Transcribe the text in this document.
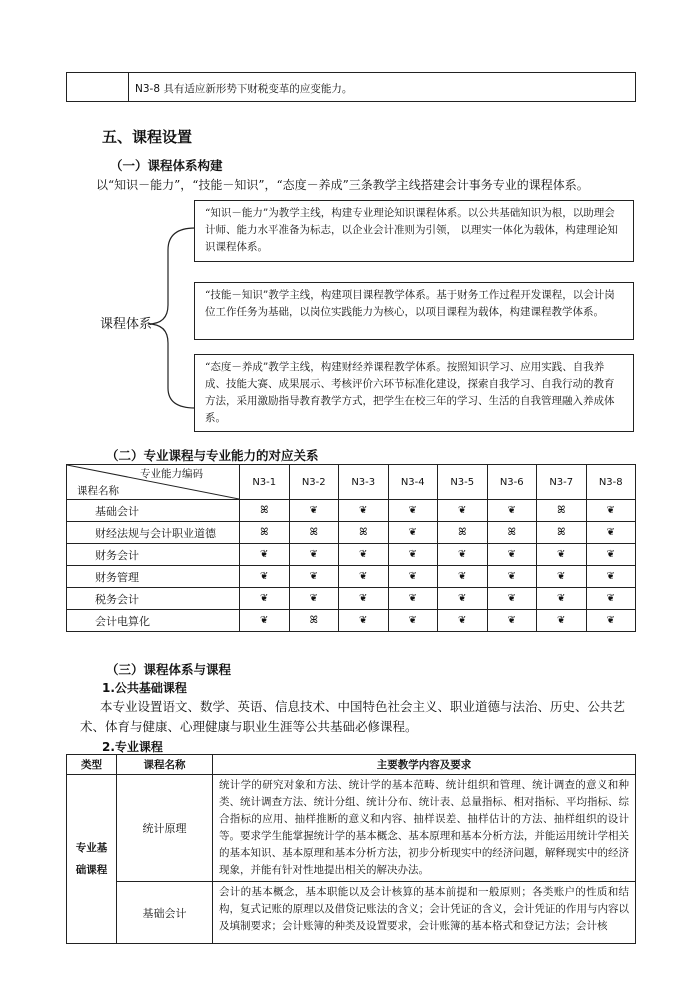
N3-8 具有适应新形势下财税变革的应变能力。
五、课程设置
（一）课程体系构建
以“知识－能力”，“技能－知识”，“态度－养成”三条教学主线搭建会计事务专业的课程体系。
课程体系
“知识－能力”为教学主线，构建专业理论知识课程体系。以公共基础知识为根，以助理会计师、能力水平准备为标志，以企业会计准则为引领， 以理实一体化为载体，构建理论知识课程体系。
“技能－知识”教学主线，构建项目课程教学体系。基于财务工作过程开发课程，以会计岗位工作任务为基础，以岗位实践能力为核心，以项目课程为载体，构建课程教学体系。
“态度－养成”教学主线，构建财经养课程教学体系。按照知识学习、应用实践、自我养成、技能大赛、成果展示、考核评价六环节标准化建设，探索自我学习、自我行动的教育方法，采用激励指导教育教学方式，把学生在校三年的学习、生活的自我管理融入养成体系。
（二）专业课程与专业能力的对应关系
专业能力编码
课程名称	N3-1	N3-2	N3-3	N3-4	N3-5	N3-6	N3-7	N3-8
基础会计	ꕤ	❦	❦	❦	❦	❦	ꕤ	❦
财经法规与会计职业道德	ꕤ	ꕤ	ꕤ	❦	ꕤ	ꕤ	ꕤ	❦
财务会计	❦	❦	❦	❦	❦	❦	❦	❦
财务管理	❦	❦	❦	❦	❦	❦	❦	❦
税务会计	❦	❦	❦	❦	❦	❦	❦	❦
会计电算化	❦	ꕤ	❦	❦	❦	❦	❦	❦
（三）课程体系与课程
1.公共基础课程
本专业设置语文、数学、英语、信息技术、中国特色社会主义、职业道德与法治、历史、公共艺术、体育与健康、心理健康与职业生涯等公共基础必修课程。
2.专业课程
类型	课程名称	主要教学内容及要求

专业基础课程	统计原理	统计学的研究对象和方法、统计学的基本范畴、统计组织和管理、统计调查的意义和种类、统计调查方法、统计分组、统计分布、统计表、总量指标、相对指标、平均指标、综合指标的应用、抽样推断的意义和内容、抽样误差、抽样估计的方法、抽样组织的设计等。要求学生能掌握统计学的基本概念、基本原理和基本分析方法，并能运用统计学相关的基本知识、基本原理和基本分析方法，初步分析现实中的经济问题，解释现实中的经济现象，并能有针对性地提出相关的解决办法。
	基础会计	会计的基本概念，基本职能以及会计核算的基本前提和一般原则；各类账户的性质和结构，复式记账的原理以及借贷记账法的含义；会计凭证的含义，会计凭证的作用与内容以及填制要求；会计账簿的种类及设置要求，会计账簿的基本格式和登记方法；会计核
